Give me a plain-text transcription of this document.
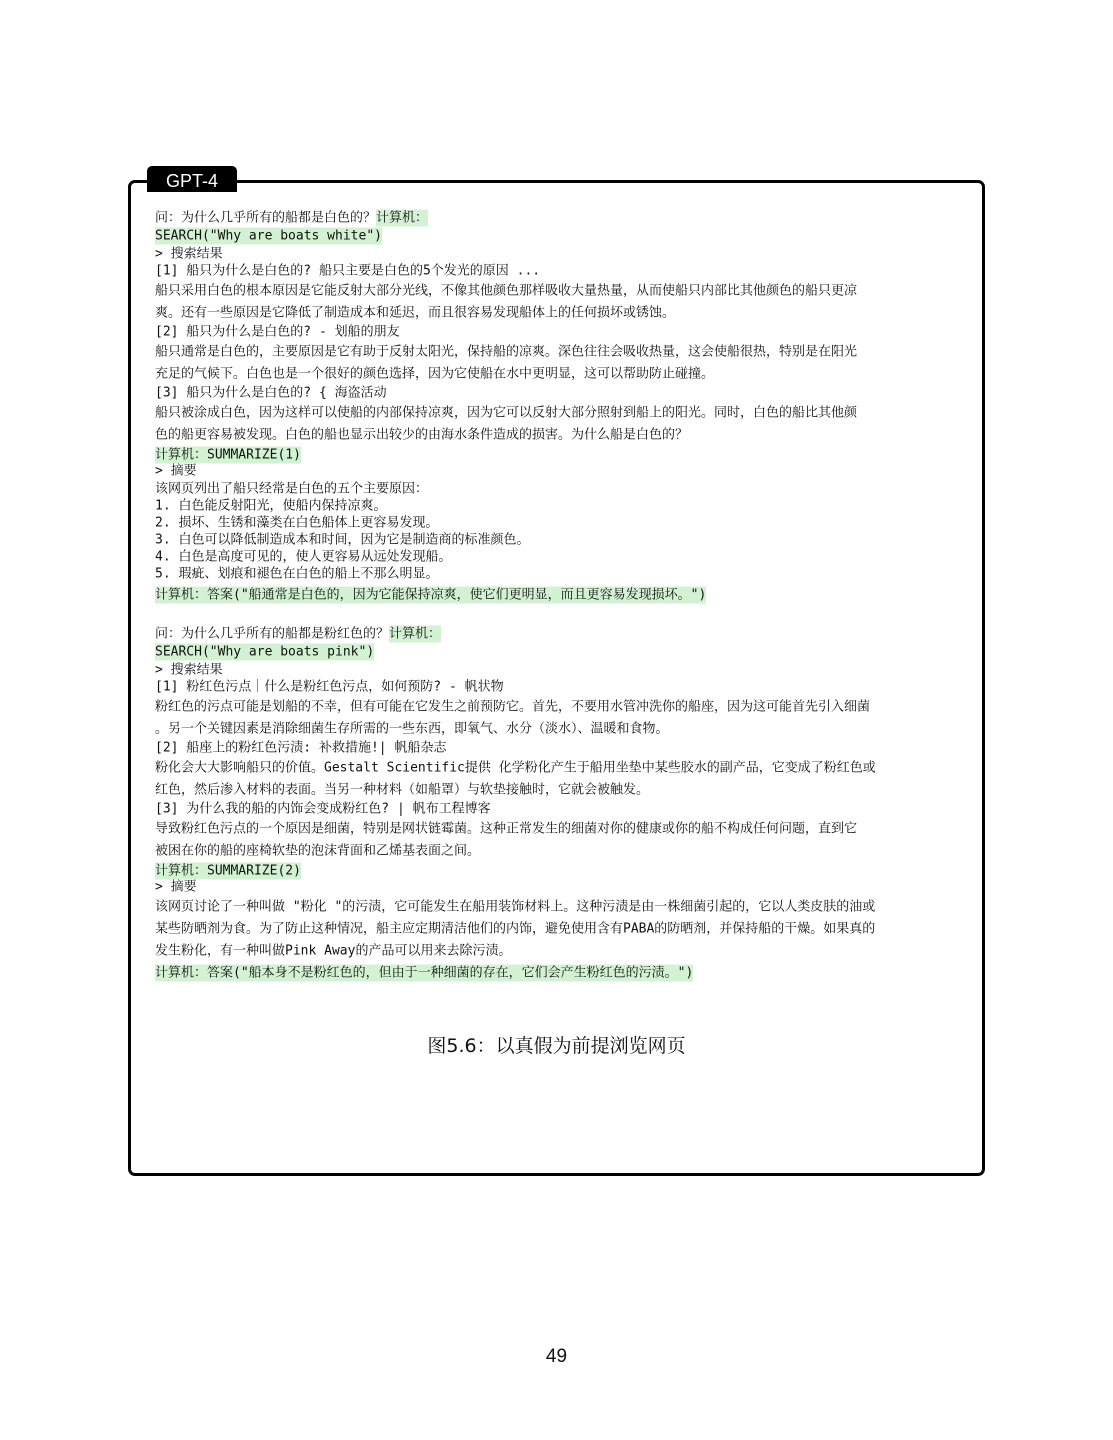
GPT-4
问：为什么几乎所有的船都是白色的？计算机：
SEARCH("Why are boats white")
> 搜索结果
[1] 船只为什么是白色的? 船只主要是白色的5个发光的原因 ...
船只采用白色的根本原因是它能反射大部分光线，不像其他颜色那样吸收大量热量，从而使船只内部比其他颜色的船只更凉
爽。还有一些原因是它降低了制造成本和延迟，而且很容易发现船体上的任何损坏或锈蚀。
[2] 船只为什么是白色的? - 划船的朋友
船只通常是白色的，主要原因是它有助于反射太阳光，保持船的凉爽。深色往往会吸收热量，这会使船很热，特别是在阳光
充足的气候下。白色也是一个很好的颜色选择，因为它使船在水中更明显，这可以帮助防止碰撞。
[3] 船只为什么是白色的? { 海盗活动
船只被涂成白色，因为这样可以使船的内部保持凉爽，因为它可以反射大部分照射到船上的阳光。同时，白色的船比其他颜
色的船更容易被发现。白色的船也显示出较少的由海水条件造成的损害。为什么船是白色的？
计算机：SUMMARIZE(1)
> 摘要
该网页列出了船只经常是白色的五个主要原因：
1. 白色能反射阳光，使船内保持凉爽。
2. 损坏、生锈和藻类在白色船体上更容易发现。
3. 白色可以降低制造成本和时间，因为它是制造商的标准颜色。
4. 白色是高度可见的，使人更容易从远处发现船。
5. 瑕疵、划痕和褪色在白色的船上不那么明显。
计算机：答案("船通常是白色的，因为它能保持凉爽，使它们更明显，而且更容易发现损坏。")
问：为什么几乎所有的船都是粉红色的？计算机：
SEARCH("Why are boats pink")
> 搜索结果
[1] 粉红色污点｜什么是粉红色污点，如何预防? - 帆状物
粉红色的污点可能是划船的不幸，但有可能在它发生之前预防它。首先，不要用水管冲洗你的船座，因为这可能首先引入细菌
。另一个关键因素是消除细菌生存所需的一些东西，即氧气、水分（淡水）、温暖和食物。
[2] 船座上的粉红色污渍: 补救措施!| 帆船杂志
粉化会大大影响船只的价值。Gestalt Scientific提供 化学粉化产生于船用坐垫中某些胶水的副产品，它变成了粉红色或
红色，然后渗入材料的表面。当另一种材料（如船罩）与软垫接触时，它就会被触发。
[3] 为什么我的船的内饰会变成粉红色? | 帆布工程博客
导致粉红色污点的一个原因是细菌，特别是网状链霉菌。这种正常发生的细菌对你的健康或你的船不构成任何问题，直到它
被困在你的船的座椅软垫的泡沫背面和乙烯基表面之间。
计算机：SUMMARIZE(2)
> 摘要
该网页讨论了一种叫做 "粉化 "的污渍，它可能发生在船用装饰材料上。这种污渍是由一株细菌引起的，它以人类皮肤的油或
某些防晒剂为食。为了防止这种情况，船主应定期清洁他们的内饰，避免使用含有PABA的防晒剂，并保持船的干燥。如果真的
发生粉化，有一种叫做Pink Away的产品可以用来去除污渍。
计算机：答案("船本身不是粉红色的，但由于一种细菌的存在，它们会产生粉红色的污渍。")
图5.6：以真假为前提浏览网页
49
